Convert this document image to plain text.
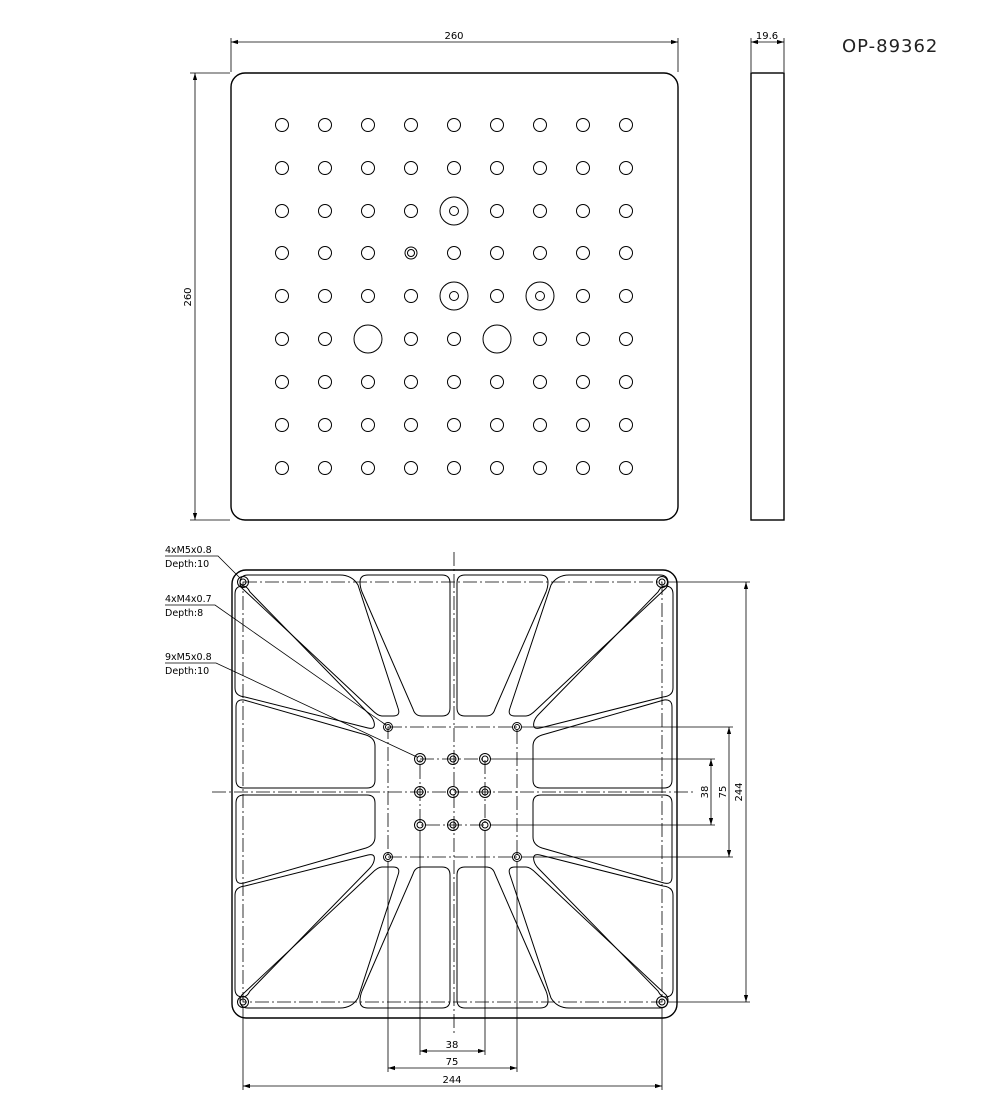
OP-89362
260
260
19.6
4xM5x0.8
Depth:10
4xM4x0.7
Depth:8
9xM5x0.8
Depth:10
38 75 244
38
75
244
